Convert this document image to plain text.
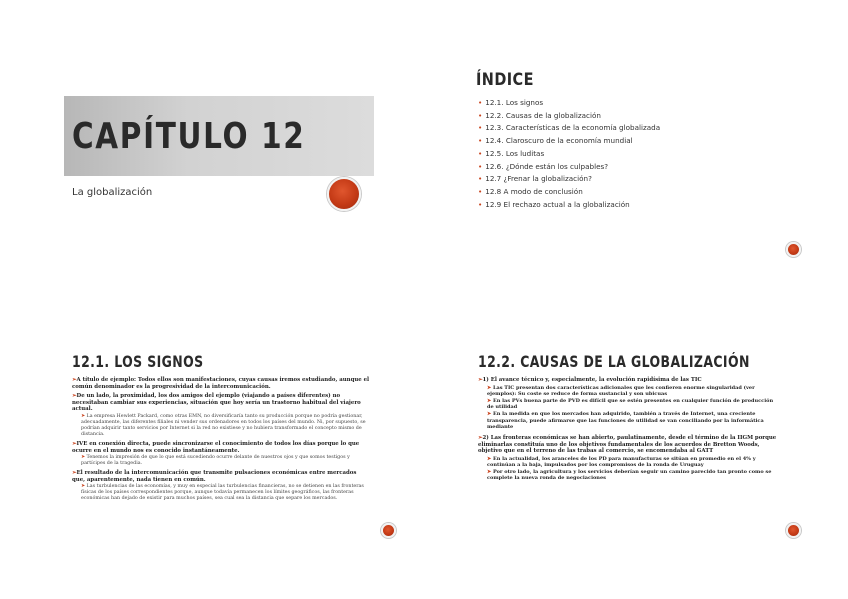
CAPÍTULO 12
La globalización
ÍNDICE
• 12.1. Los signos
• 12.2. Causas de la globalización
• 12.3. Características de la economía globalizada
• 12.4. Claroscuro de la economía mundial
• 12.5. Los luditas
• 12.6. ¿Dónde están los culpables?
• 12.7 ¿Frenar la globalización?
• 12.8 A modo de conclusión
• 12.9 El rechazo actual a la globalización
12.1. LOS SIGNOS
➢A título de ejemplo: Todos ellos son manifestaciones, cuyas causas iremos estudiando, aunque el común denominador es la progresividad de la intercomunicación.
➢De un lado, la proximidad, los dos amigos del ejemplo (viajando a países diferentes) no necesitaban cambiar sus experiencias, situación que hoy sería un trastorno habitual del viajero actual.
➤ La empresa Hewlett Packard, como otras EMN, no diversificaría tanto su producción porque no podría gestionar, adecuadamente, las diferentes filiales ni vender sus ordenadores en todos los países del mundo. Ni, por supuesto, se podrían adquirir tanto servicios por Internet si la red no existiese y no hubiera transformado el concepto mismo de distancia.
➢IVE en conexión directa, puede sincronizarse el conocimiento de todos los días porque lo que ocurre en el mundo nos es conocido instantáneamente.
➤ Tenemos la impresión de que lo que está sucediendo ocurre delante de nuestros ojos y que somos testigos y partícipes de la tragedia.
➢El resultado de la intercomunicación que transmite pulsaciones económicas entre mercados que, aparentemente, nada tienen en común.
➤ Las turbulencias de las economías, y muy en especial las turbulencias financieras, no se detienen en las fronteras físicas de los países correspondientes porque, aunque todavía permanecen los límites geográficos, las fronteras económicas han dejado de existir para muchos países, sea cual sea la distancia que separe los mercados.
12.2. CAUSAS DE LA GLOBALIZACIÓN
➢1) El avance técnico y, especialmente, la evolución rapidísima de las TIC
➤ Las TIC presentan dos características adicionales que les confieren enorme singularidad (ver ejemplos): Su coste se reduce de forma sustancial y son ubicuas
➤ En las PVs buena parte de PVD es difícil que se estén presentes en cualquier función de producción de utilidad
➤ En la medida en que los mercados han adquirido, también a través de Internet, una creciente transparencia, puede afirmarse que las funciones de utilidad se van conciliando por la informática mediante
➢2) Las fronteras económicas se han abierto, paulatinamente, desde el término de la IIGM porque eliminarlas constituía uno de los objetivos fundamentales de los acuerdos de Bretton Woods, objetivo que en el terreno de las trabas al comercio, se encomendaba al GATT
➤ En la actualidad, los aranceles de los PD para manufacturas se sitúan en promedio en el 4% y continúan a la baja, impulsados por los compromisos de la ronda de Uruguay
➤ Por otro lado, la agricultura y los servicios deberían seguir un camino parecido tan pronto como se complete la nueva ronda de negociaciones
